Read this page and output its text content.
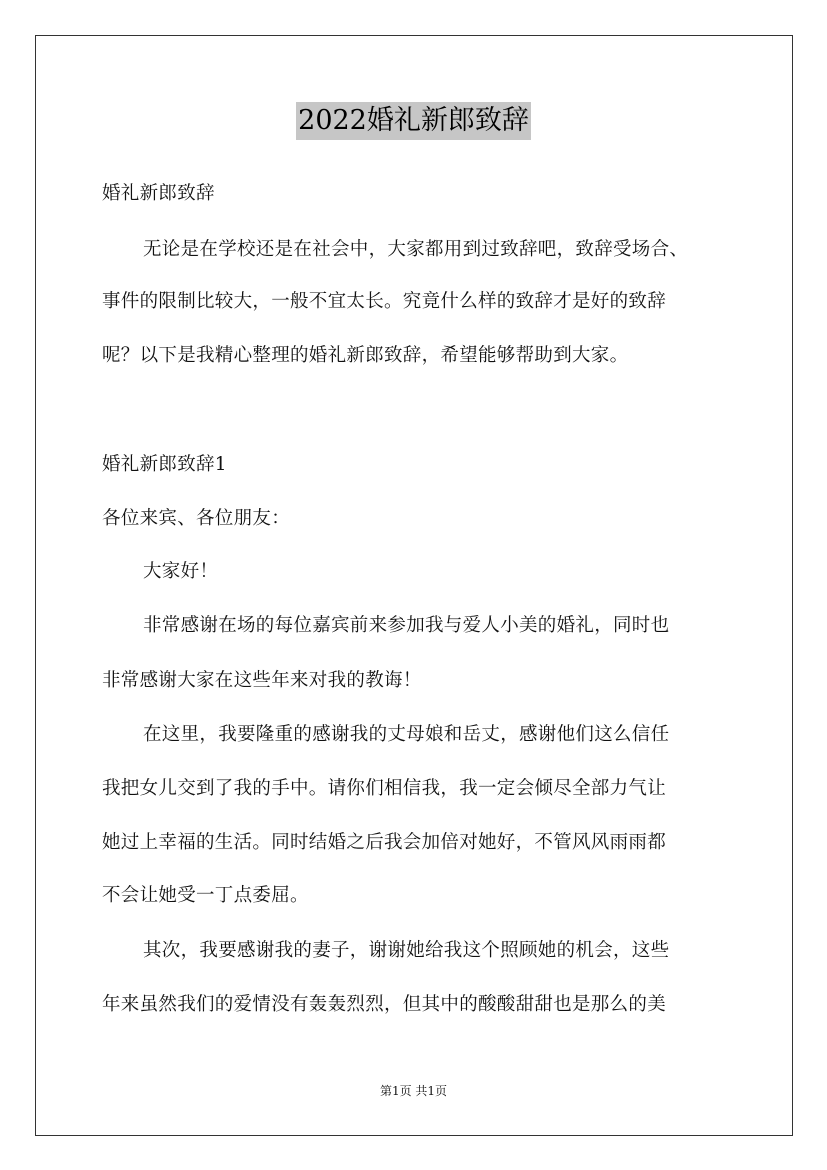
2022婚礼新郎致辞
婚礼新郎致辞
无论是在学校还是在社会中，大家都用到过致辞吧，致辞受场合、
事件的限制比较大，一般不宜太长。究竟什么样的致辞才是好的致辞
呢？以下是我精心整理的婚礼新郎致辞，希望能够帮助到大家。
婚礼新郎致辞1
各位来宾、各位朋友：
大家好！
非常感谢在场的每位嘉宾前来参加我与爱人小美的婚礼，同时也
非常感谢大家在这些年来对我的教诲！
在这里，我要隆重的感谢我的丈母娘和岳丈，感谢他们这么信任
我把女儿交到了我的手中。请你们相信我，我一定会倾尽全部力气让
她过上幸福的生活。同时结婚之后我会加倍对她好，不管风风雨雨都
不会让她受一丁点委屈。
其次，我要感谢我的妻子，谢谢她给我这个照顾她的机会，这些
年来虽然我们的爱情没有轰轰烈烈，但其中的酸酸甜甜也是那么的美
第1页 共1页
